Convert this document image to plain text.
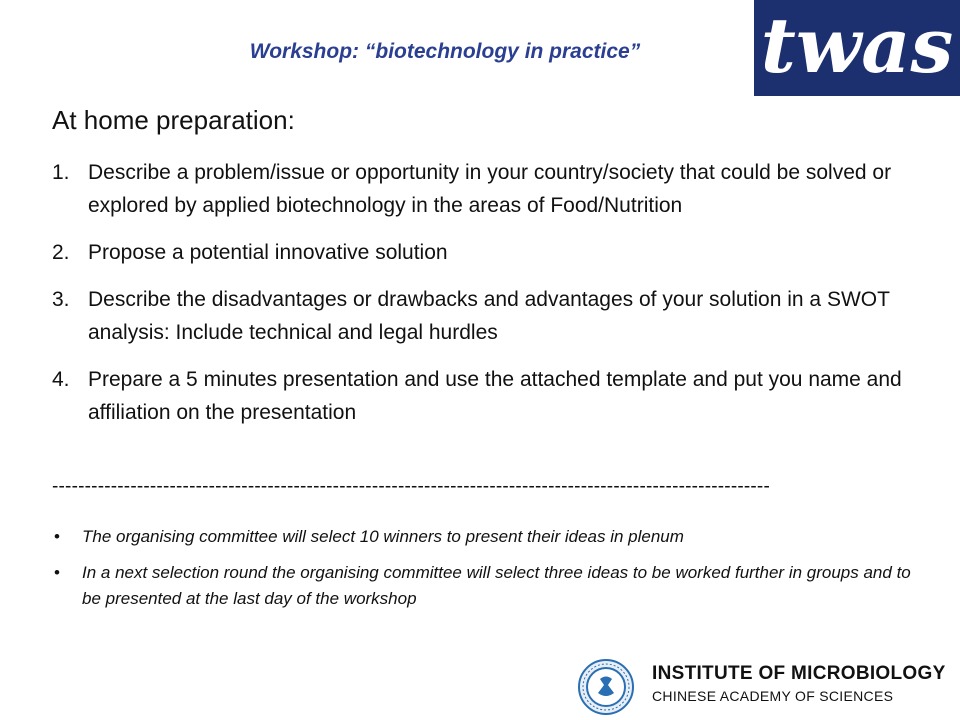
Workshop: “biotechnology in practice”	twas
At home preparation:
1. Describe a problem/issue or opportunity in your country/society that could be solved or explored by applied biotechnology in the areas of Food/Nutrition
2. Propose a potential innovative solution
3. Describe the disadvantages or drawbacks and advantages of your solution in a SWOT analysis: Include technical and legal hurdles
4. Prepare a 5 minutes presentation and use the attached template and put you name and affiliation on the presentation
--------------------------------------------------------------------------------------------------------------
• The organising committee will select 10 winners to present their ideas in plenum
• In a next selection round the organising committee will select three ideas to be worked further in groups and to be presented at the last day of the workshop
INSTITUTE OF MICROBIOLOGY
CHINESE ACADEMY OF SCIENCES
